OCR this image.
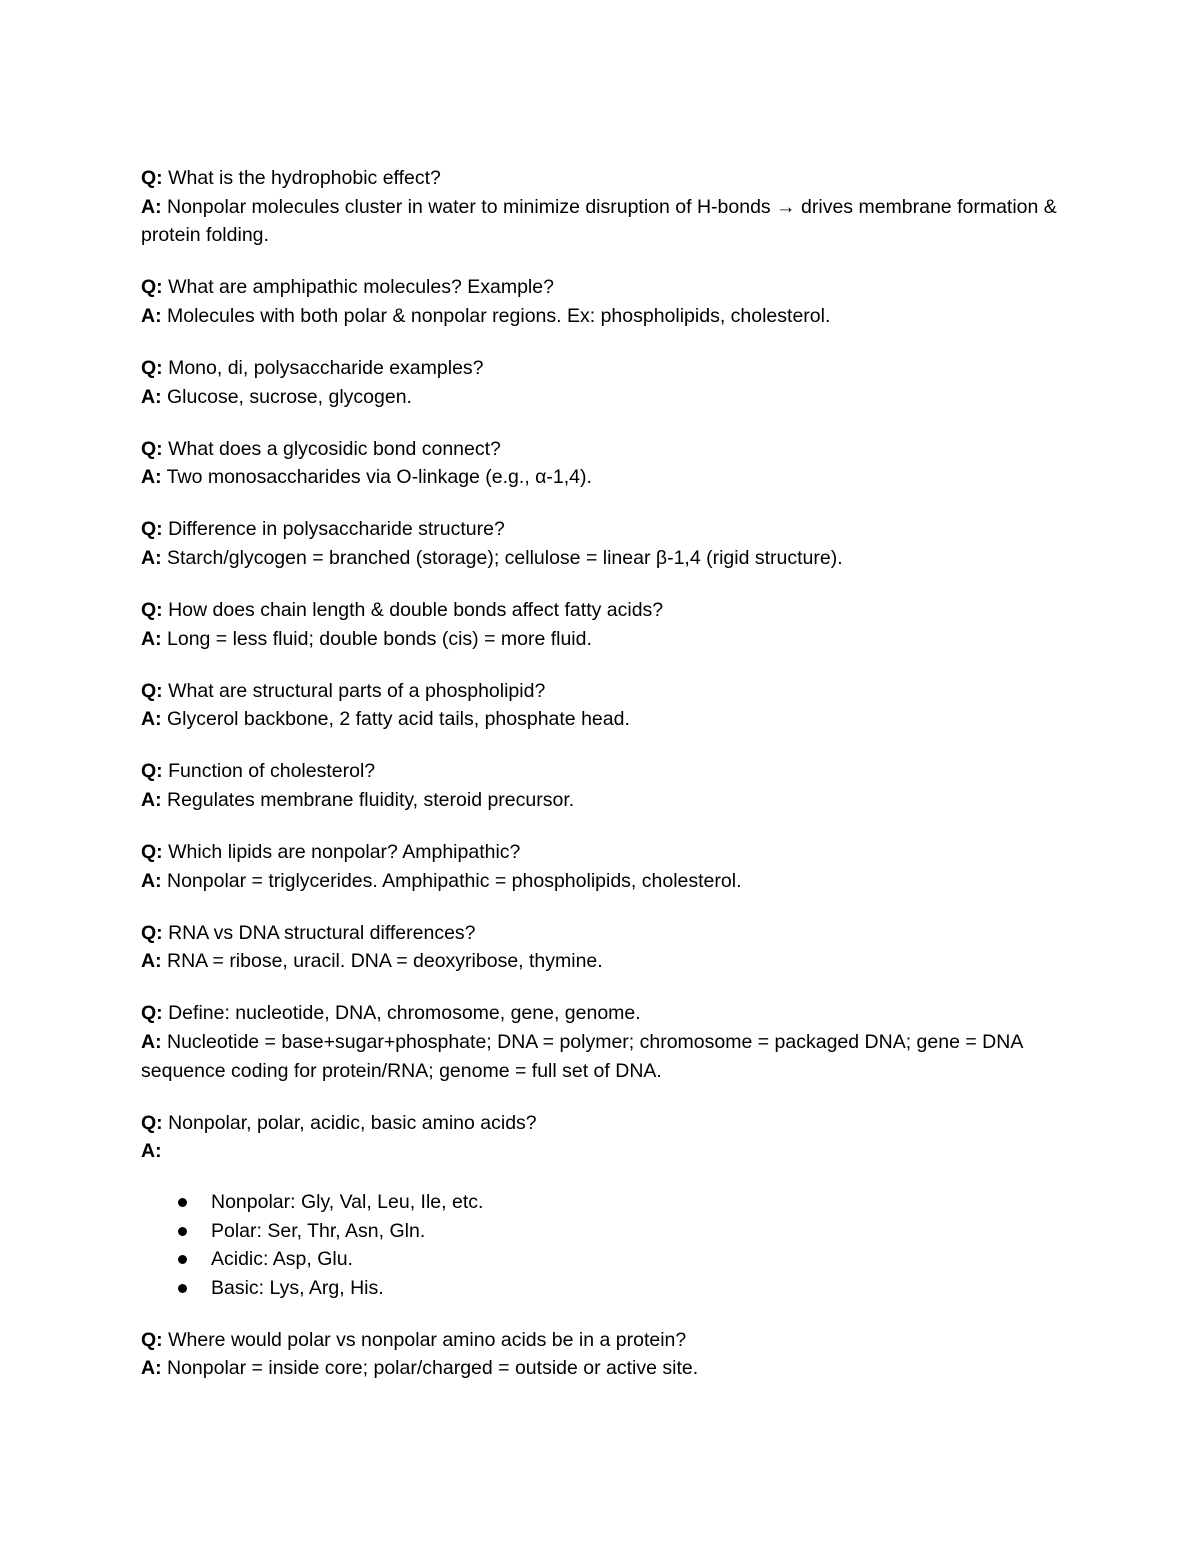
Q: What is the hydrophobic effect?

A: Nonpolar molecules cluster in water to minimize disruption of H-bonds → drives membrane formation & protein folding.

Q: What are amphipathic molecules? Example?

A: Molecules with both polar & nonpolar regions. Ex: phospholipids, cholesterol.

Q: Mono, di, polysaccharide examples?

A: Glucose, sucrose, glycogen.

Q: What does a glycosidic bond connect?

A: Two monosaccharides via O-linkage (e.g., α-1,4).

Q: Difference in polysaccharide structure?

A: Starch/glycogen = branched (storage); cellulose = linear β-1,4 (rigid structure).

Q: How does chain length & double bonds affect fatty acids?

A: Long = less fluid; double bonds (cis) = more fluid.

Q: What are structural parts of a phospholipid?

A: Glycerol backbone, 2 fatty acid tails, phosphate head.

Q: Function of cholesterol?

A: Regulates membrane fluidity, steroid precursor.

Q: Which lipids are nonpolar? Amphipathic?

A: Nonpolar = triglycerides. Amphipathic = phospholipids, cholesterol.

Q: RNA vs DNA structural differences?

A: RNA = ribose, uracil. DNA = deoxyribose, thymine.

Q: Define: nucleotide, DNA, chromosome, gene, genome.

A: Nucleotide = base+sugar+phosphate; DNA = polymer; chromosome = packaged DNA; gene = DNA sequence coding for protein/RNA; genome = full set of DNA.

Q: Nonpolar, polar, acidic, basic amino acids?

A:

Nonpolar: Gly, Val, Leu, Ile, etc.
Polar: Ser, Thr, Asn, Gln.
Acidic: Asp, Glu.
Basic: Lys, Arg, His.

Q: Where would polar vs nonpolar amino acids be in a protein?

A: Nonpolar = inside core; polar/charged = outside or active site.
